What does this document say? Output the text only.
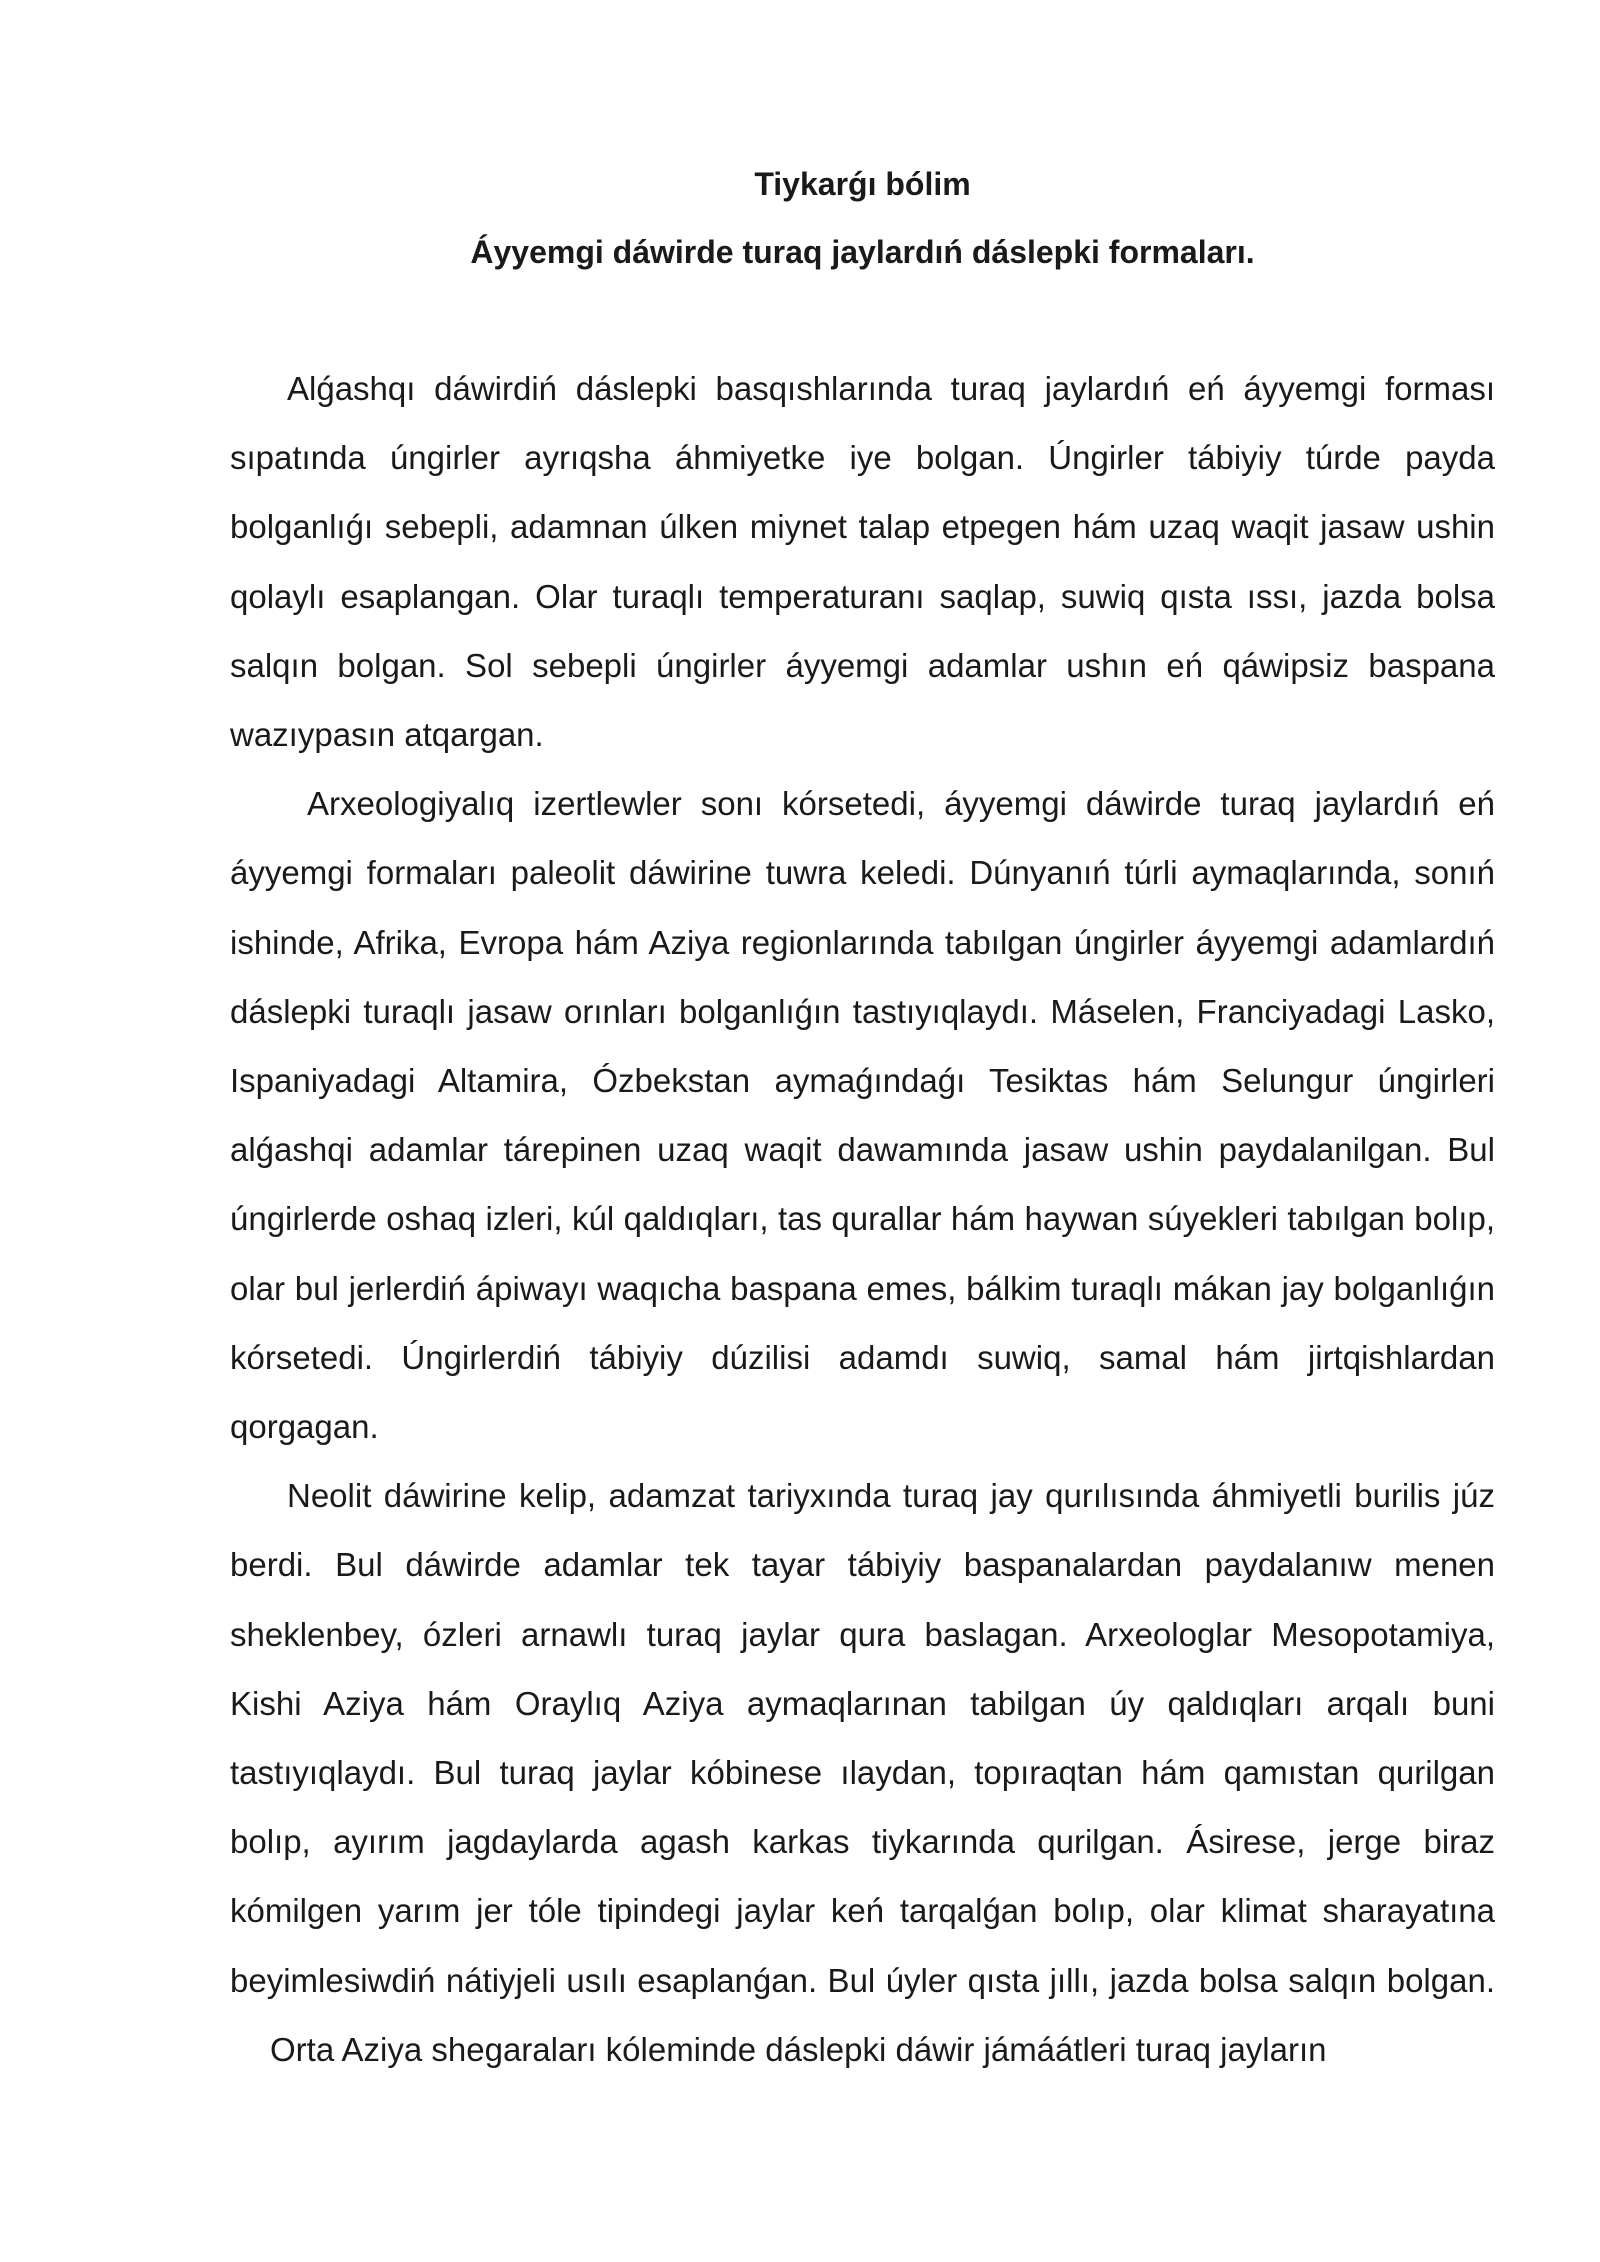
Tiykarǵı bólim

Áyyemgi dáwirde turaq jaylardıń dáslepki formaları.

Alǵashqı dáwirdiń dáslepki basqıshlarında turaq jaylardıń eń áyyemgi forması sıpatında úngirler ayrıqsha áhmiyetke iye bolgan. Úngirler tábiyiy túrde payda bolganlıǵı sebepli, adamnan úlken miynet talap etpegen hám uzaq waqit jasaw ushin qolaylı esaplangan. Olar turaqlı temperaturanı saqlap, suwiq qısta ıssı, jazda bolsa salqın bolgan. Sol sebepli úngirler áyyemgi adamlar ushın eń qáwipsiz baspana wazıypasın atqargan.

Arxeologiyalıq izertlewler sonı kórsetedi, áyyemgi dáwirde turaq jaylardıń eń áyyemgi formaları paleolit dáwirine tuwra keledi. Dúnyanıń túrli aymaqlarında, sonıń ishinde, Afrika, Evropa hám Aziya regionlarında tabılgan úngirler áyyemgi adamlardıń dáslepki turaqlı jasaw orınları bolganlıǵın tastıyıqlaydı. Máselen, Franciyadagi Lasko, Ispaniyadagi Altamira, Ózbekstan aymaǵındaǵı Tesiktas hám Selungur úngirleri alǵashqi adamlar tárepinen uzaq waqit dawamında jasaw ushin paydalanilgan. Bul úngirlerde oshaq izleri, kúl qaldıqları, tas qurallar hám haywan súyekleri tabılgan bolıp, olar bul jerlerdiń ápiwayı waqıcha baspana emes, bálkim turaqlı mákan jay bolganlıǵın kórsetedi. Úngirlerdiń tábiyiy dúzilisi adamdı suwiq, samal hám jirtqishlardan qorgagan.

Neolit dáwirine kelip, adamzat tariyxında turaq jay qurılısında áhmiyetli burilis júz berdi. Bul dáwirde adamlar tek tayar tábiyiy baspanalardan paydalanıw menen sheklenbey, ózleri arnawlı turaq jaylar qura baslagan. Arxeologlar Mesopotamiya, Kishi Aziya hám Oraylıq Aziya aymaqlarınan tabilgan úy qaldıqları arqalı buni tastıyıqlaydı. Bul turaq jaylar kóbinese ılaydan, topıraqtan hám qamıstan qurilgan bolıp, ayırım jagdaylarda agash karkas tiykarında qurilgan. Ásirese, jerge biraz kómilgen yarım jer tóle tipindegi jaylar keń tarqalǵan bolıp, olar klimat sharayatına beyimlesiwdiń nátiyjeli usılı esaplanǵan. Bul úyler qısta jıllı, jazda bolsa salqın bolgan.Orta Aziya shegaraları kóleminde dáslepki dáwir jámáátleri turaq jayların
